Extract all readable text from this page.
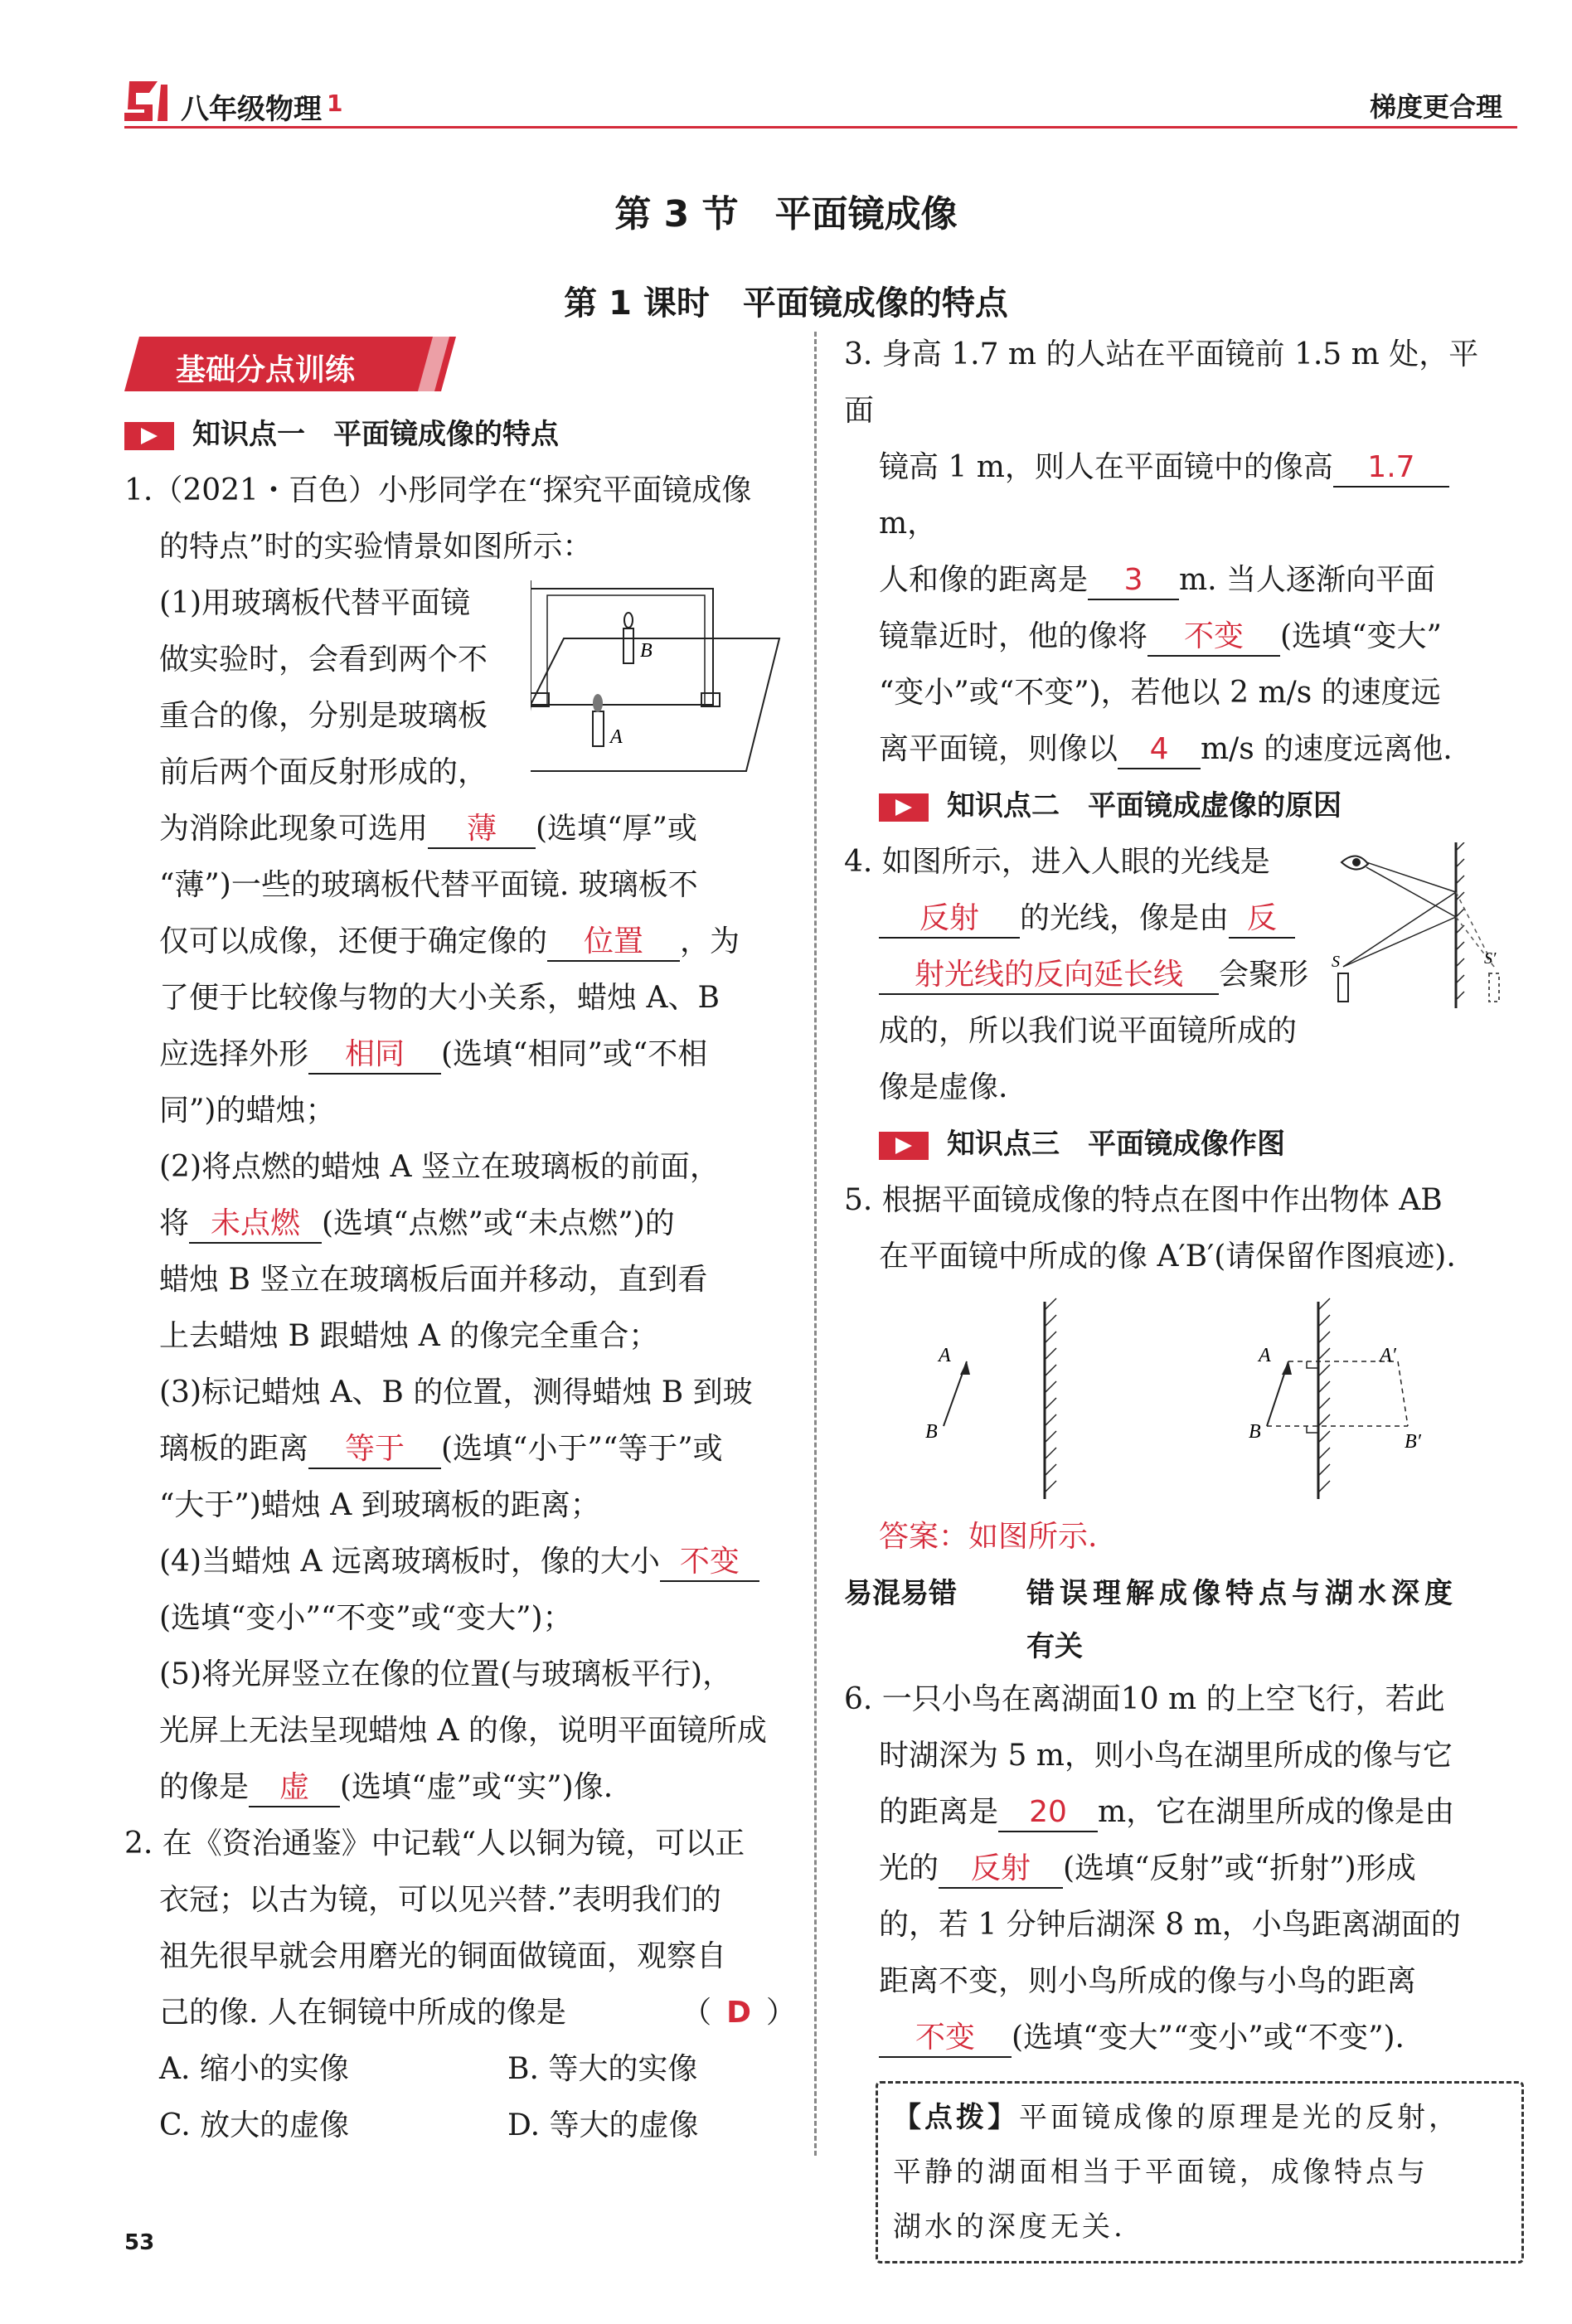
八年级物理 1	梯度更合理
第 3 节　平面镜成像
第 1 课时　平面镜成像的特点
基础分点训练
知识点一　平面镜成像的特点
1.（2021・百色）小彤同学在“探究平面镜成像
的特点”时的实验情景如图所示：
(1)用玻璃板代替平面镜
做实验时，会看到两个不
重合的像，分别是玻璃板
前后两个面反射形成的，
B
A
为消除此现象可选用 薄 (选填“厚”或
“薄”)一些的玻璃板代替平面镜. 玻璃板不
仅可以成像，还便于确定像的 位置 ，为
了便于比较像与物的大小关系，蜡烛 A、B
应选择外形 相同 (选填“相同”或“不相
同”)的蜡烛；
(2)将点燃的蜡烛 A 竖立在玻璃板的前面，
将 未点燃 (选填“点燃”或“未点燃”)的
蜡烛 B 竖立在玻璃板后面并移动，直到看
上去蜡烛 B 跟蜡烛 A 的像完全重合；
(3)标记蜡烛 A、B 的位置，测得蜡烛 B 到玻
璃板的距离 等于 (选填“小于”“等于”或
“大于”)蜡烛 A 到玻璃板的距离；
(4)当蜡烛 A 远离玻璃板时，像的大小 不变
(选填“变小”“不变”或“变大”)；
(5)将光屏竖立在像的位置(与玻璃板平行)，
光屏上无法呈现蜡烛 A 的像，说明平面镜所成
的像是 虚 (选填“虚”或“实”)像.
2. 在《资治通鉴》中记载“人以铜为镜，可以正
衣冠；以古为镜，可以见兴替.”表明我们的
祖先很早就会用磨光的铜面做镜面，观察自
己的像. 人在铜镜中所成的像是	（ D ）
A. 缩小的实像	B. 等大的实像
C. 放大的虚像	D. 等大的虚像
3. 身高 1.7 m 的人站在平面镜前 1.5 m 处，平面
镜高 1 m，则人在平面镜中的像高 1.7m，
人和像的距离是 3 m. 当人逐渐向平面
镜靠近时，他的像将 不变 (选填“变大”
“变小”或“不变”)，若他以 2 m/s 的速度远
离平面镜，则像以 4 m/s 的速度远离他.
知识点二　平面镜成虚像的原因
4. 如图所示，进入人眼的光线是
反射 的光线，像是由 反
射光线的反向延长线 会聚形
成的，所以我们说平面镜所成的
像是虚像.
S	S′
知识点三　平面镜成像作图
5. 根据平面镜成像的特点在图中作出物体 AB
在平面镜中所成的像 A′B′(请保留作图痕迹).
A
B
A
B
A′
B′
答案：如图所示.
易混易错	错误理解成像特点与湖水深度
有关
6. 一只小鸟在离湖面10 m 的上空飞行，若此
时湖深为 5 m，则小鸟在湖里所成的像与它
的距离是 20 m，它在湖里所成的像是由
光的 反射 (选填“反射”或“折射”)形成
的，若 1 分钟后湖深 8 m，小鸟距离湖面的
距离不变，则小鸟所成的像与小鸟的距离
不变 (选填“变大”“变小”或“不变”).
【点拨】平面镜成像的原理是光的反射，
平静的湖面相当于平面镜，成像特点与
湖水的深度无关.
53
